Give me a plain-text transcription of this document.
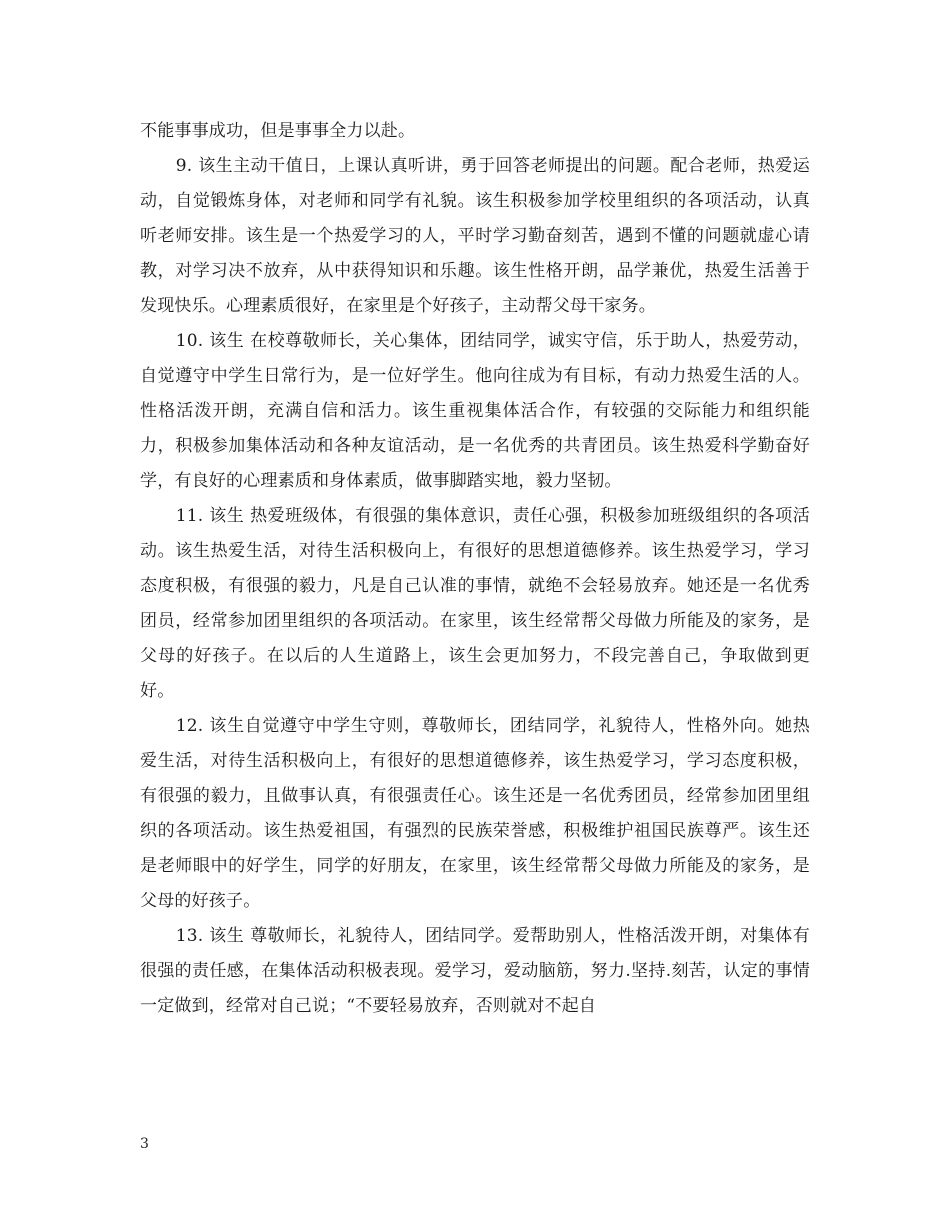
不能事事成功，但是事事全力以赴。

9. 该生主动干值日，上课认真听讲，勇于回答老师提出的问题。配合老师，热爱运动，自觉锻炼身体，对老师和同学有礼貌。该生积极参加学校里组织的各项活动，认真听老师安排。该生是一个热爱学习的人，平时学习勤奋刻苦，遇到不懂的问题就虚心请教，对学习决不放弃，从中获得知识和乐趣。该生性格开朗，品学兼优，热爱生活善于发现快乐。心理素质很好，在家里是个好孩子，主动帮父母干家务。

10. 该生 在校尊敬师长，关心集体，团结同学，诚实守信，乐于助人，热爱劳动，自觉遵守中学生日常行为，是一位好学生。他向往成为有目标，有动力热爱生活的人。性格活泼开朗，充满自信和活力。该生重视集体活合作，有较强的交际能力和组织能力，积极参加集体活动和各种友谊活动，是一名优秀的共青团员。该生热爱科学勤奋好学，有良好的心理素质和身体素质，做事脚踏实地，毅力坚韧。

11. 该生 热爱班级体，有很强的集体意识，责任心强，积极参加班级组织的各项活动。该生热爱生活，对待生活积极向上，有很好的思想道德修养。该生热爱学习，学习态度积极，有很强的毅力，凡是自己认准的事情，就绝不会轻易放弃。她还是一名优秀团员，经常参加团里组织的各项活动。在家里，该生经常帮父母做力所能及的家务，是父母的好孩子。在以后的人生道路上，该生会更加努力，不段完善自己，争取做到更好。

12. 该生自觉遵守中学生守则，尊敬师长，团结同学，礼貌待人，性格外向。她热爱生活，对待生活积极向上，有很好的思想道德修养，该生热爱学习，学习态度积极，有很强的毅力，且做事认真，有很强责任心。该生还是一名优秀团员，经常参加团里组织的各项活动。该生热爱祖国，有强烈的民族荣誉感，积极维护祖国民族尊严。该生还是老师眼中的好学生，同学的好朋友，在家里，该生经常帮父母做力所能及的家务，是父母的好孩子。

13. 该生 尊敬师长，礼貌待人，团结同学。爱帮助别人，性格活泼开朗，对集体有很强的责任感，在集体活动积极表现。爱学习，爱动脑筋，努力.坚持.刻苦，认定的事情一定做到，经常对自己说；“不要轻易放弃，否则就对不起自

3
